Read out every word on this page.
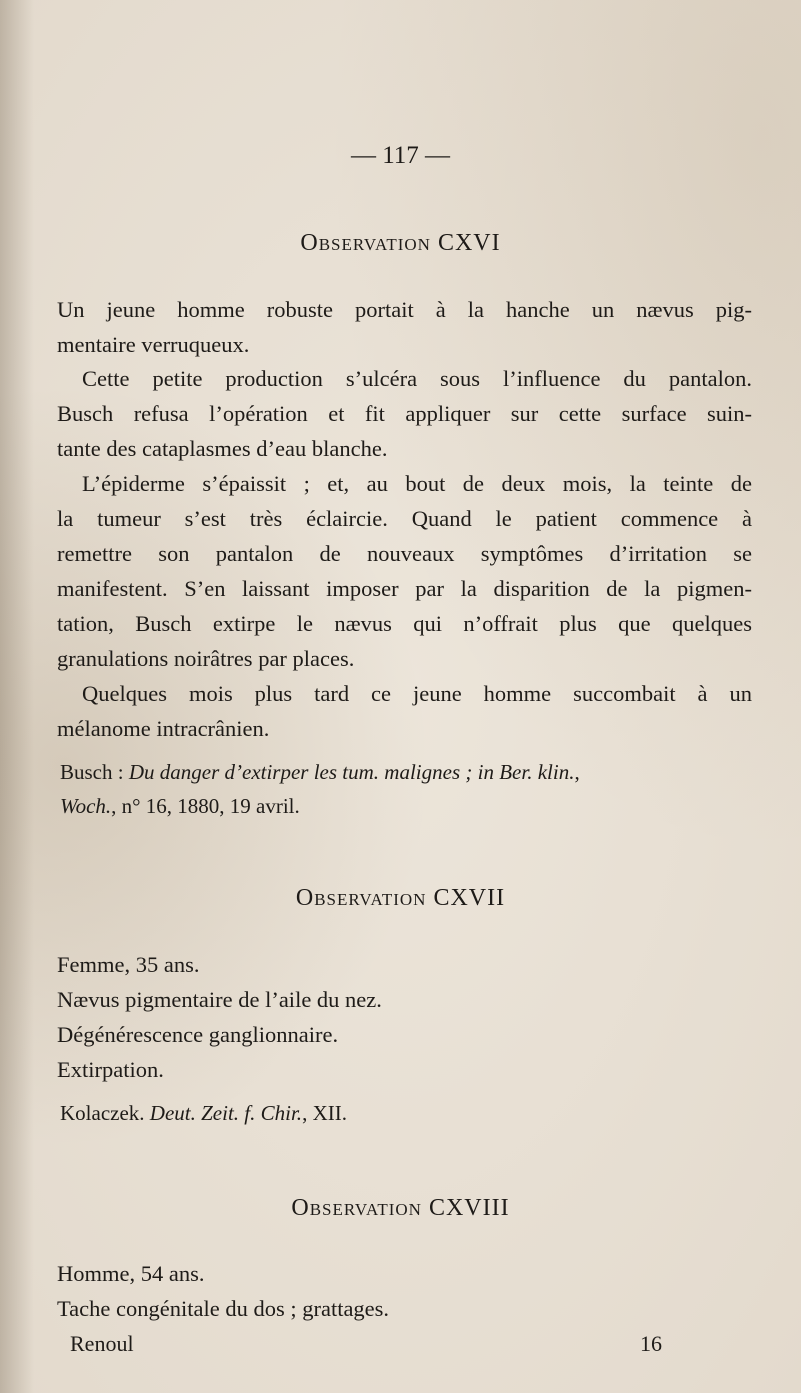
— 117 —
Observation CXVI
Un jeune homme robuste portait à la hanche un nævus pig-
mentaire verruqueux.
Cette petite production s’ulcéra sous l’influence du pantalon.
Busch refusa l’opération et fit appliquer sur cette surface suin-
tante des cataplasmes d’eau blanche.
L’épiderme s’épaissit ; et, au bout de deux mois, la teinte de
la tumeur s’est très éclaircie. Quand le patient commence à
remettre son pantalon de nouveaux symptômes d’irritation se
manifestent. S’en laissant imposer par la disparition de la pigmen-
tation, Busch extirpe le nævus qui n’offrait plus que quelques
granulations noirâtres par places.
Quelques mois plus tard ce jeune homme succombait à un
mélanome intracrânien.
Busch : Du danger d’extirper les tum. malignes ; in Ber. klin.,
Woch., n° 16, 1880, 19 avril.
Observation CXVII
Femme, 35 ans.
Nævus pigmentaire de l’aile du nez.
Dégénérescence ganglionnaire.
Extirpation.
Kolaczek. Deut. Zeit. f. Chir., XII.
Observation CXVIII
Homme, 54 ans.
Tache congénitale du dos ; grattages.
Renoul	16
